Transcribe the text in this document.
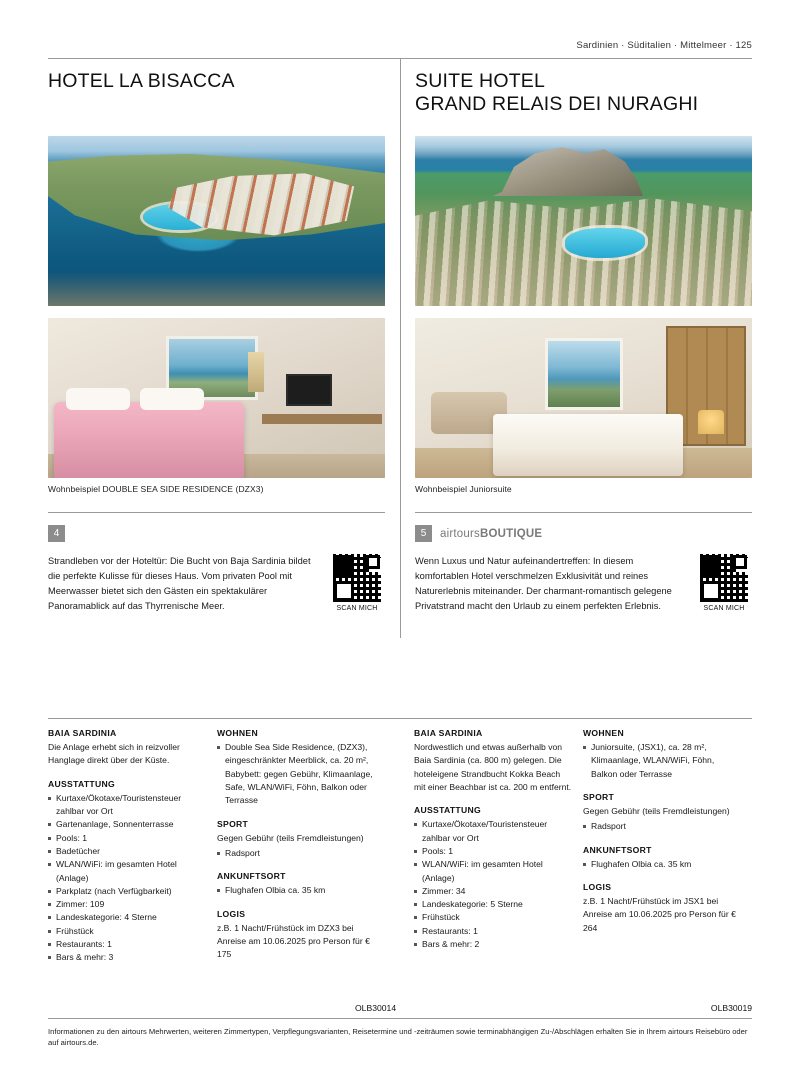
Sardinien · Süditalien · Mittelmeer · 125
HOTEL LA BISACCA
Wohnbeispiel DOUBLE SEA SIDE RESIDENCE (DZX3)
4
Strandleben vor der Hoteltür: Die Bucht von Baja Sardinia bildet die perfekte Kulisse für dieses Haus. Vom privaten Pool mit Meerwasser bietet sich den Gästen ein spektakulärer Panoramablick auf das Thyrrenische Meer.	SCAN MICH
SUITE HOTEL
GRAND RELAIS DEI NURAGHI
Wohnbeispiel Juniorsuite
5	airtoursBOUTIQUE
Wenn Luxus und Natur aufeinandertreffen: In diesem komfortablen Hotel verschmelzen Exklusivität und reines Naturerlebnis miteinander. Der charmant-romantisch gelegene Privatstrand macht den Urlaub zu einem perfekten Erlebnis.	SCAN MICH
BAIA SARDINIA

Die Anlage erhebt sich in reizvoller Hanglage direkt über der Küste.

AUSSTATTUNG
Kurtaxe/Ökotaxe/Touristensteuer zahlbar vor Ort
Gartenanlage, Sonnenterrasse
Pools: 1
Badetücher
WLAN/WiFi: im gesamten Hotel (Anlage)
Parkplatz (nach Verfügbarkeit)
Zimmer: 109
Landeskategorie: 4 Sterne
Frühstück
Restaurants: 1
Bars & mehr: 3
WOHNEN
Double Sea Side Residence, (DZX3), eingeschränkter Meerblick, ca. 20 m², Babybett: gegen Gebühr, Klimaanlage, Safe, WLAN/WiFi, Föhn, Balkon oder Terrasse
SPORT

Gegen Gebühr (teils Fremdleistungen)

Radsport
ANKUNFTSORT
Flughafen Olbia ca. 35 km
LOGIS

z.B. 1 Nacht/Frühstück im DZX3 bei Anreise am 10.06.2025 pro Person für € 175

BAIA SARDINIA

Nordwestlich und etwas außerhalb von Baia Sardinia (ca. 800 m) gelegen. Die hoteleigene Strandbucht Kokka Beach mit einer Beachbar ist ca. 200 m entfernt.

AUSSTATTUNG
Kurtaxe/Ökotaxe/Touristensteuer zahlbar vor Ort
Pools: 1
WLAN/WiFi: im gesamten Hotel (Anlage)
Zimmer: 34
Landeskategorie: 5 Sterne
Frühstück
Restaurants: 1
Bars & mehr: 2
WOHNEN
Juniorsuite, (JSX1), ca. 28 m², Klimaanlage, WLAN/WiFi, Föhn, Balkon oder Terrasse
SPORT

Gegen Gebühr (teils Fremdleistungen)

Radsport
ANKUNFTSORT
Flughafen Olbia ca. 35 km
LOGIS

z.B. 1 Nacht/Frühstück im JSX1 bei Anreise am 10.06.2025 pro Person für € 264

OLB30014	OLB30019
Informationen zu den airtours Mehrwerten, weiteren Zimmertypen, Verpflegungsvarianten, Reisetermine und -zeiträumen sowie terminabhängigen Zu-/Abschlägen erhalten Sie in Ihrem airtours Reisebüro oder auf airtours.de.
